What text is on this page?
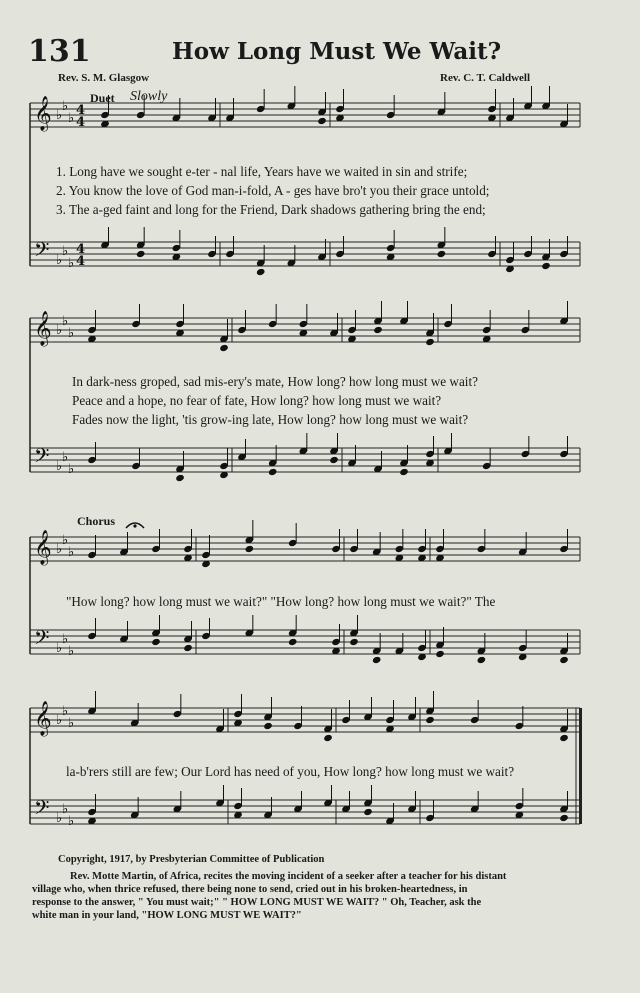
𝄞
𝄢
♭
♭
♭
♭
♭
♭
4
4
4
4
𝄞
𝄢
♭
♭
♭
♭
♭
♭
𝄞
𝄢
♭
♭
♭
♭
♭
♭
𝄞
𝄢
♭
♭
♭
♭
♭
♭
131	How Long Must We Wait?
Rev. S. M. Glasgow	Rev. C. T. Caldwell
Duet Slowly
1. Long have we sought e-ter - nal life, Years have we waited in sin and strife;
2. You know the love of God man-i-fold, A - ges have bro't you their grace untold;
3. The a-ged faint and long for the Friend, Dark shadows gathering bring the end;
In dark-ness groped, sad mis-ery's mate, How long? how long must we wait?
Peace and a hope, no fear of fate, How long? how long must we wait?
Fades now the light, 'tis grow-ing late, How long? how long must we wait?
Chorus
"How long? how long must we wait?" "How long? how long must we wait?" The
la-b'rers still are few; Our Lord has need of you, How long? how long must we wait?
Copyright, 1917, by Presbyterian Committee of Publication
Rev. Motte Martin, of Africa, recites the moving incident of a seeker after a teacher for his distant
village who, when thrice refused, there being none to send, cried out in his broken-heartedness, in
response to the answer, " You must wait;" " HOW LONG MUST WE WAIT? " Oh, Teacher, ask the
white man in your land, "HOW LONG MUST WE WAIT?"
